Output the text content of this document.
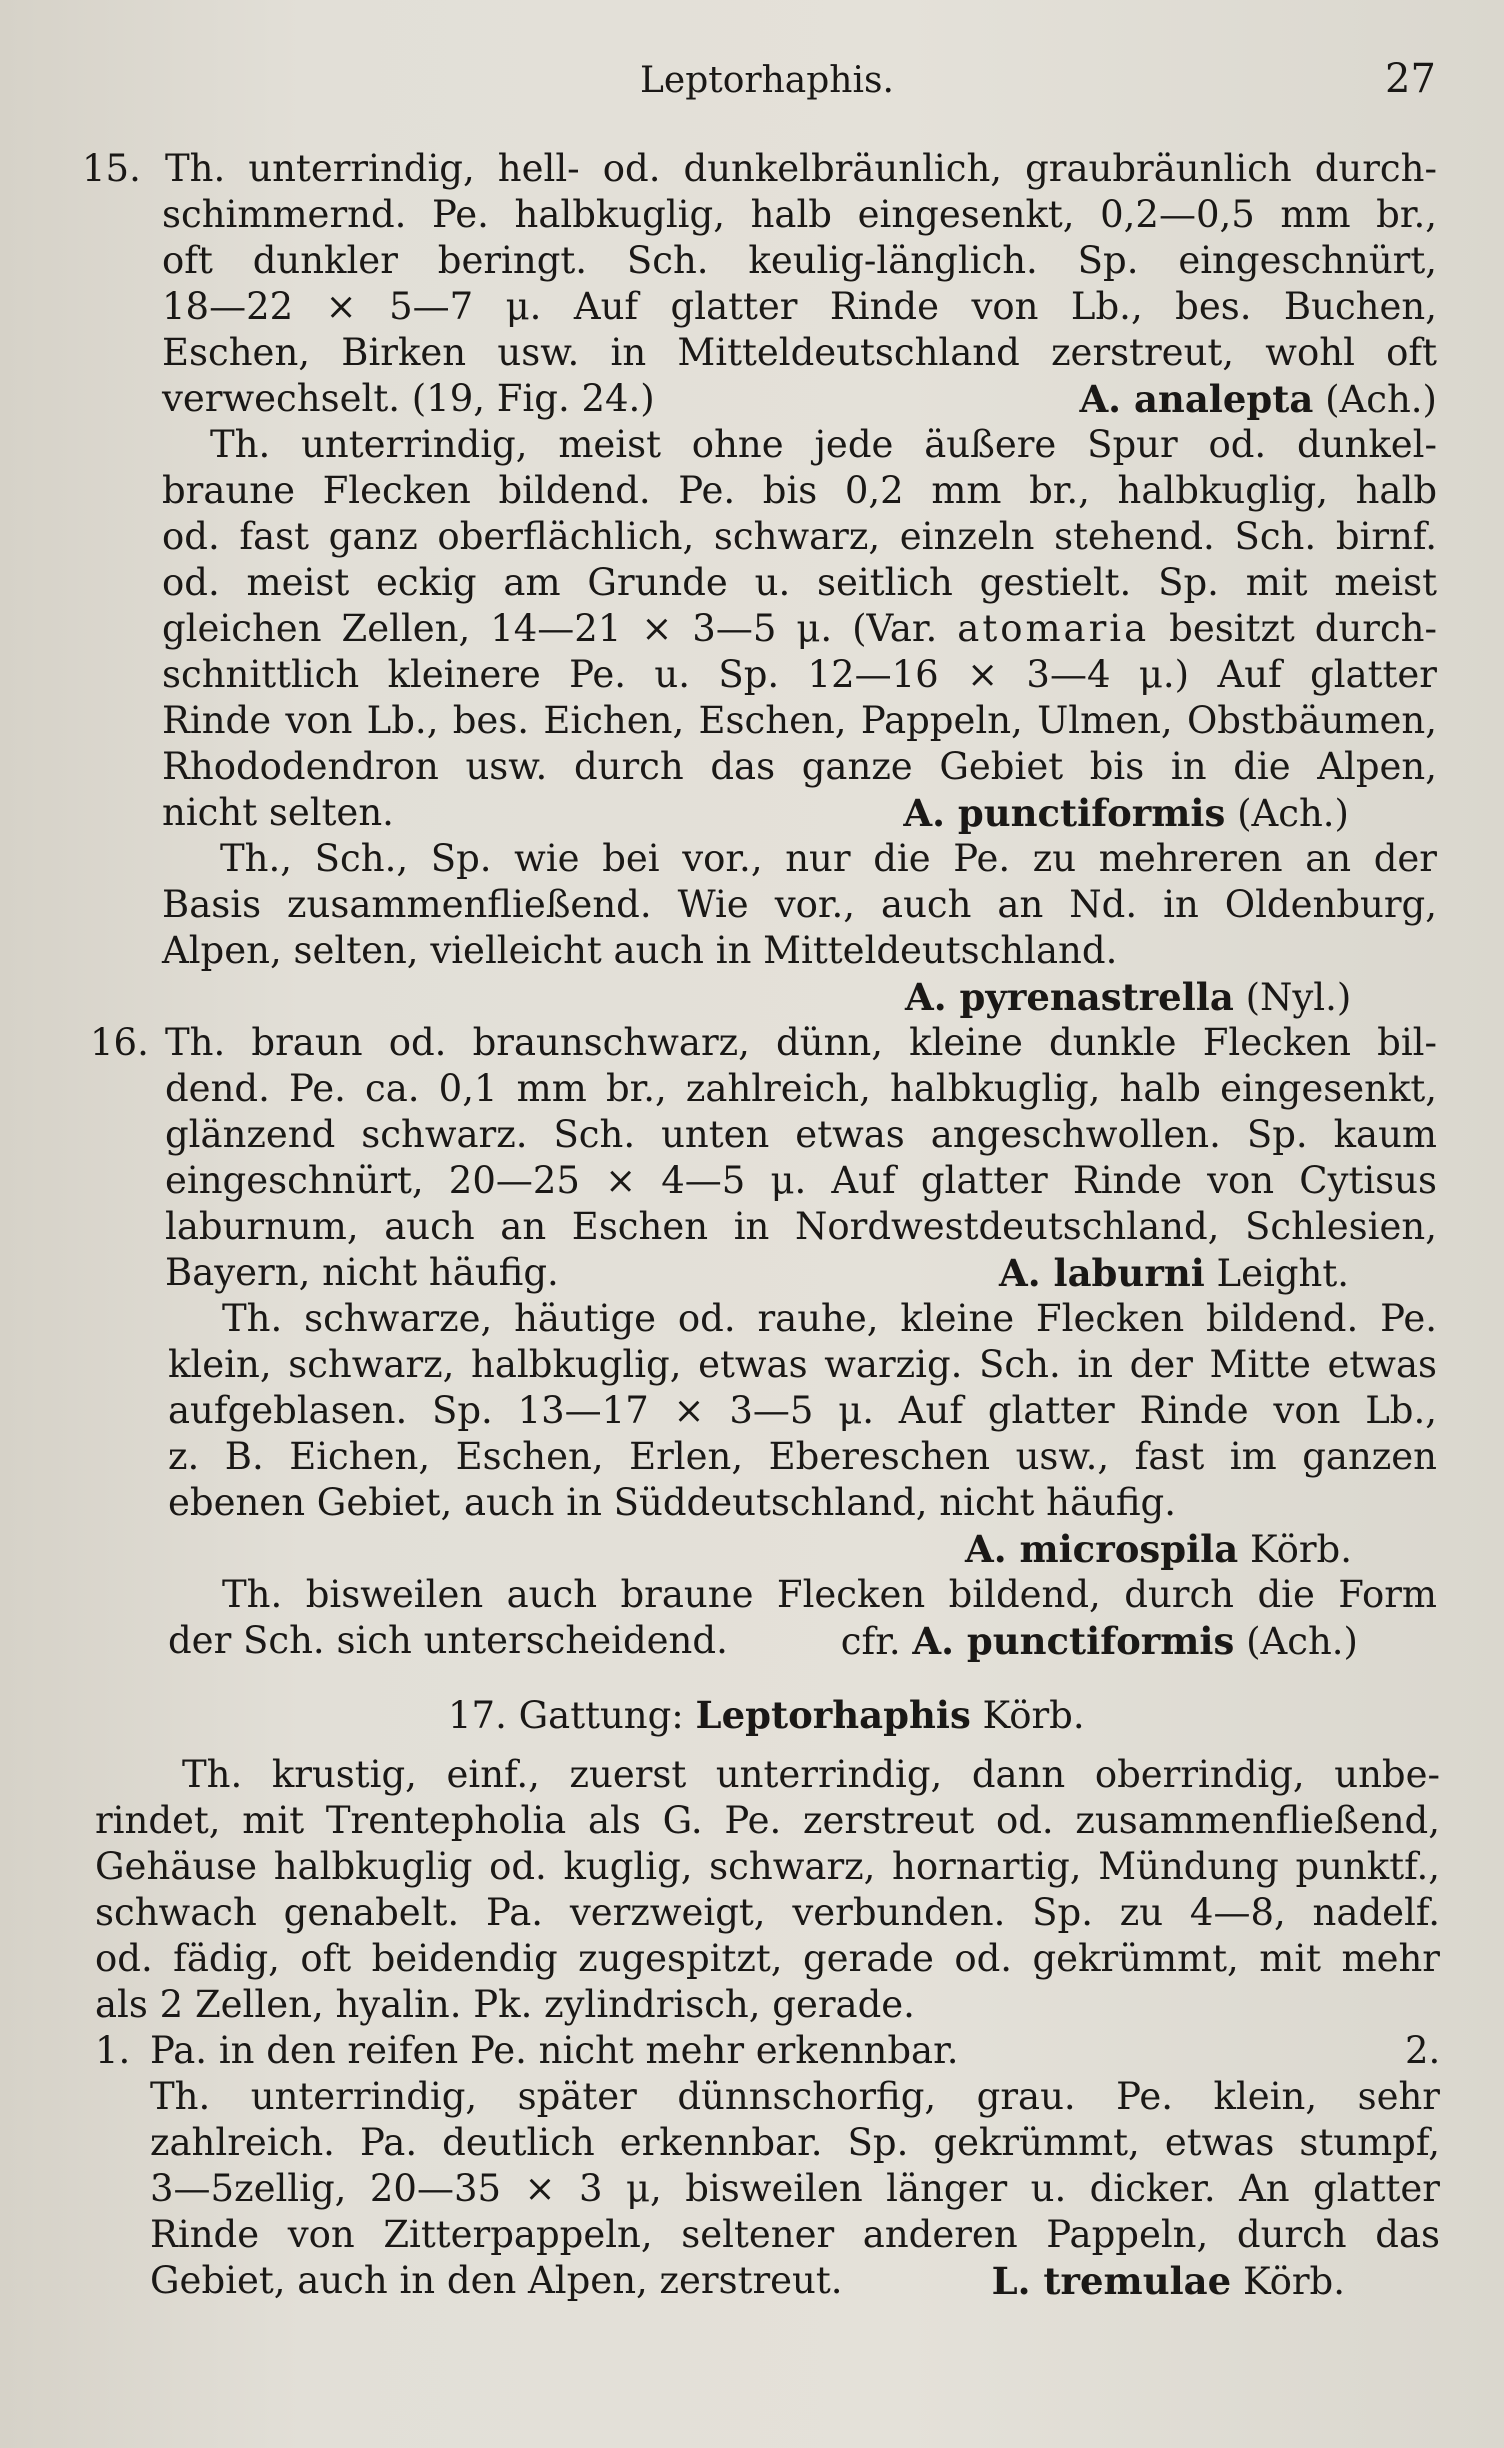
Leptorhaphis.	27
15. Th. unterrindig, hell- od. dunkelbräunlich, graubräunlich durch-
schimmernd. Pe. halbkuglig, halb eingesenkt, 0,2—0,5 mm br.,
oft dunkler beringt. Sch. keulig-länglich. Sp. eingeschnürt,
18—22 × 5—7 μ. Auf glatter Rinde von Lb., bes. Buchen,
Eschen, Birken usw. in Mitteldeutschland zerstreut, wohl oft
verwechselt. (19, Fig. 24.)	A. analepta (Ach.)
Th. unterrindig, meist ohne jede äußere Spur od. dunkel-
braune Flecken bildend. Pe. bis 0,2 mm br., halbkuglig, halb
od. fast ganz oberflächlich, schwarz, einzeln stehend. Sch. birnf.
od. meist eckig am Grunde u. seitlich gestielt. Sp. mit meist
gleichen Zellen, 14—21 × 3—5 μ. (Var. atomaria besitzt durch-
schnittlich kleinere Pe. u. Sp. 12—16 × 3—4 μ.) Auf glatter
Rinde von Lb., bes. Eichen, Eschen, Pappeln, Ulmen, Obstbäumen,
Rhododendron usw. durch das ganze Gebiet bis in die Alpen,
nicht selten.	A. punctiformis (Ach.)
Th., Sch., Sp. wie bei vor., nur die Pe. zu mehreren an der
Basis zusammenfließend. Wie vor., auch an Nd. in Oldenburg,
Alpen, selten, vielleicht auch in Mitteldeutschland.
A. pyrenastrella (Nyl.)
16. Th. braun od. braunschwarz, dünn, kleine dunkle Flecken bil-
dend. Pe. ca. 0,1 mm br., zahlreich, halbkuglig, halb eingesenkt,
glänzend schwarz. Sch. unten etwas angeschwollen. Sp. kaum
eingeschnürt, 20—25 × 4—5 μ. Auf glatter Rinde von Cytisus
laburnum, auch an Eschen in Nordwestdeutschland, Schlesien,
Bayern, nicht häufig.	A. laburni Leight.
Th. schwarze, häutige od. rauhe, kleine Flecken bildend. Pe.
klein, schwarz, halbkuglig, etwas warzig. Sch. in der Mitte etwas
aufgeblasen. Sp. 13—17 × 3—5 μ. Auf glatter Rinde von Lb.,
z. B. Eichen, Eschen, Erlen, Ebereschen usw., fast im ganzen
ebenen Gebiet, auch in Süddeutschland, nicht häufig.
A. microspila Körb.
Th. bisweilen auch braune Flecken bildend, durch die Form
der Sch. sich unterscheidend.	cfr. A. punctiformis (Ach.)
17. Gattung: Leptorhaphis Körb.
Th. krustig, einf., zuerst unterrindig, dann oberrindig, unbe-
rindet, mit Trentepholia als G. Pe. zerstreut od. zusammenfließend,
Gehäuse halbkuglig od. kuglig, schwarz, hornartig, Mündung punktf.,
schwach genabelt. Pa. verzweigt, verbunden. Sp. zu 4—8, nadelf.
od. fädig, oft beidendig zugespitzt, gerade od. gekrümmt, mit mehr
als 2 Zellen, hyalin. Pk. zylindrisch, gerade.
1. Pa. in den reifen Pe. nicht mehr erkennbar.	2.
Th. unterrindig, später dünnschorfig, grau. Pe. klein, sehr
zahlreich. Pa. deutlich erkennbar. Sp. gekrümmt, etwas stumpf,
3—5zellig, 20—35 × 3 μ, bisweilen länger u. dicker. An glatter
Rinde von Zitterpappeln, seltener anderen Pappeln, durch das
Gebiet, auch in den Alpen, zerstreut.	L. tremulae Körb.
